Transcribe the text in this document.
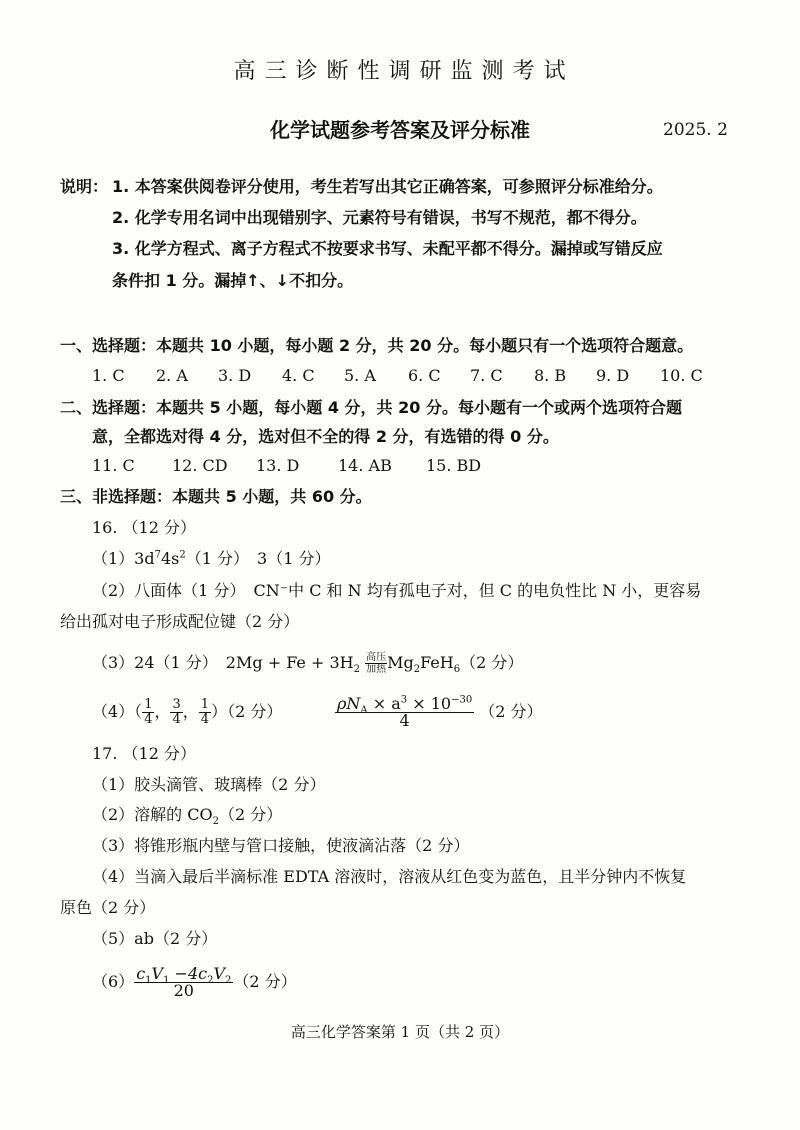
高 三 诊 断 性 调 研 监 测 考 试
化学试题参考答案及评分标准	2025. 2
说明： 1. 本答案供阅卷评分使用，考生若写出其它正确答案，可参照评分标准给分。
2. 化学专用名词中出现错别字、元素符号有错误，书写不规范，都不得分。
3. 化学方程式、离子方程式不按要求书写、未配平都不得分。漏掉或写错反应
条件扣 1 分。漏掉↑、↓不扣分。
一、选择题：本题共 10 小题，每小题 2 分，共 20 分。每小题只有一个选项符合题意。
1. C 2. A 3. D 4. C 5. A 6. C 7. C 8. B 9. D 10. C
二、选择题：本题共 5 小题，每小题 4 分，共 20 分。每小题有一个或两个选项符合题
意，全都选对得 4 分，选对但不全的得 2 分，有选错的得 0 分。
11. C 12. CD 13. D 14. AB 15. BD
三、非选择题：本题共 5 小题，共 60 分。
16. （12 分）
$(1)3d^74s^2(1$ 分）　3（1 分）
（2）八面体（1 分）　CN⁻中 C 和 N 均有孤电子对，但 C 的电负性比 N 小，更容易
给出孤对电子形成配位键（2 分）
（3）24（1 分）　$2Mg + Fe + 3H_2$
高压
加热 $Mg_2FeH_6(2$ 分）
$(4)( \frac{1}{4}$ ， $\frac{3}{4}$ ， $\frac{1}{4} )(2$ 分）	$\frac{\rho N_A \times a^3 \times 10^{-30}}{4} (2$ 分）
17. （12 分）
（1）胶头滴管、玻璃棒（2 分）
（2）溶解的 $CO_2(2$ 分）
（3）将锥形瓶内壁与管口接触，使液滴沾落（2 分）
（4）当滴入最后半滴标准 EDTA 溶液时，溶液从红色变为蓝色，且半分钟内不恢复
原色（2 分）
（5）ab（2 分）
$(6) \frac{c_1V_1 -4c_2V_2}{20} (2$ 分）
高三化学答案第 1 页（共 2 页）
